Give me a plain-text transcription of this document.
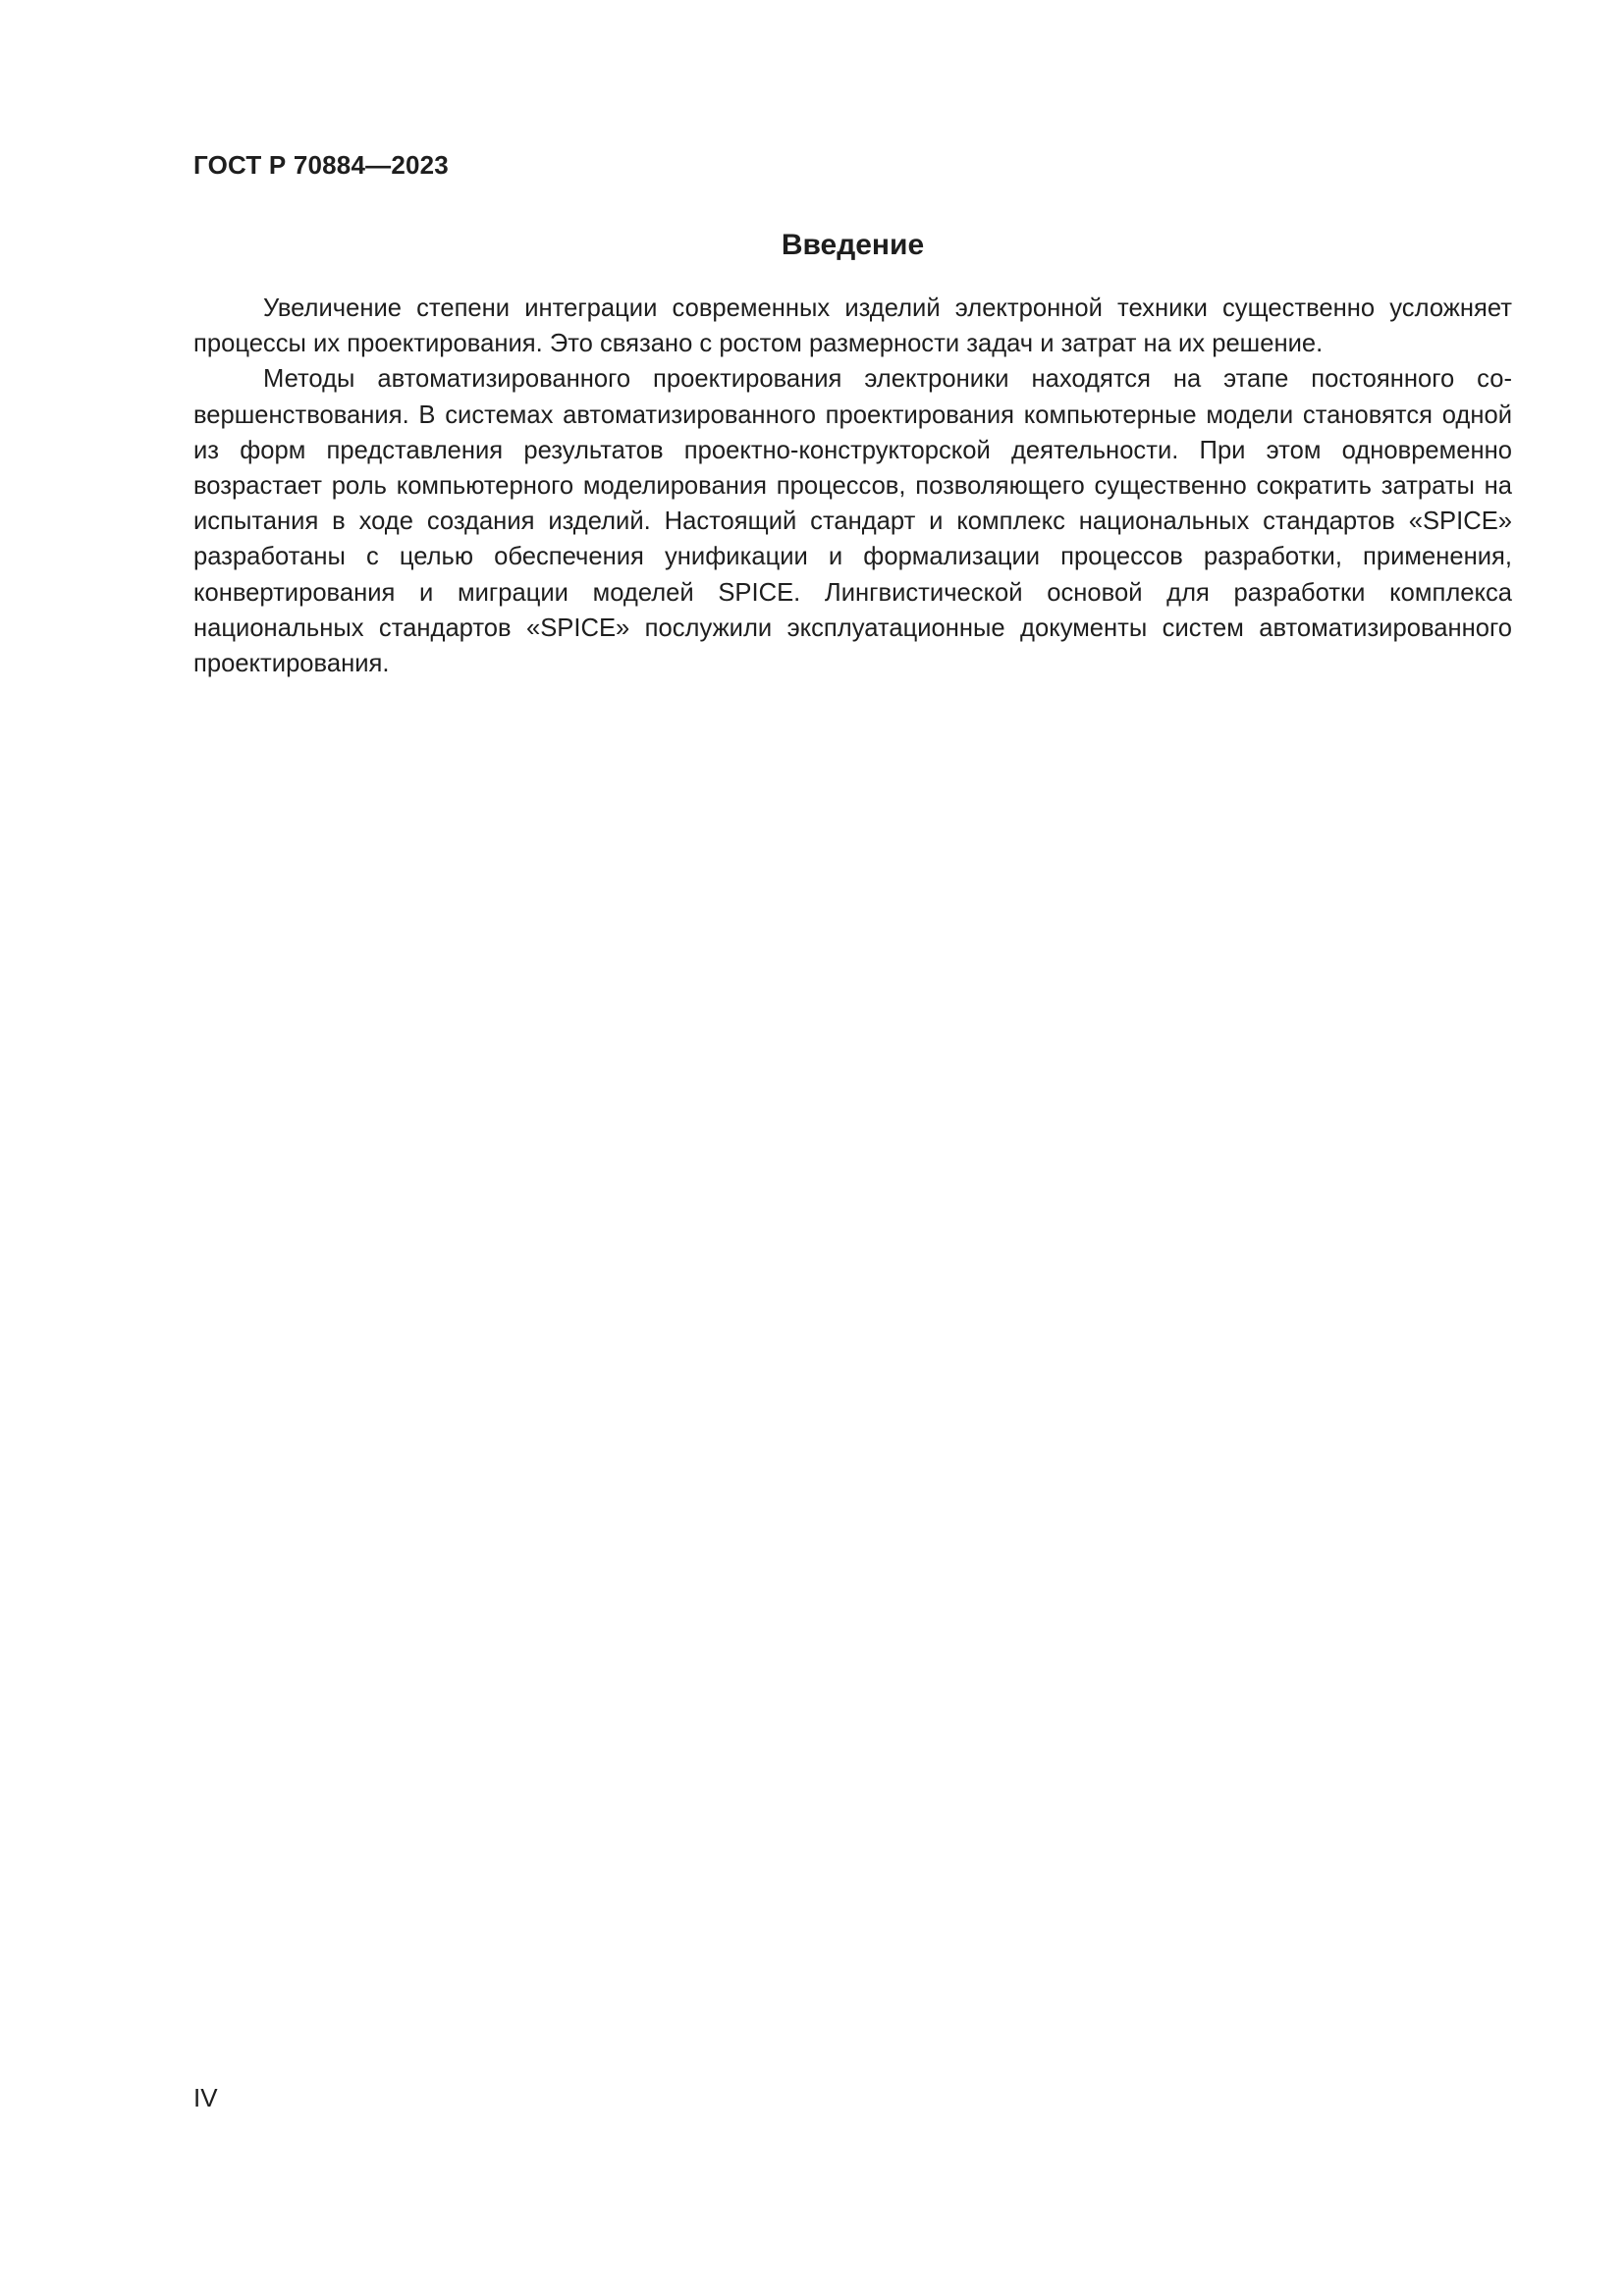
ГОСТ Р 70884—2023
Введение

Увеличение степени интеграции современных изделий электронной техники существенно усложняет процессы их проектирования. Это связано с ростом размерности задач и затрат на их решение.

Методы автоматизированного проектирования электроники находятся на этапе постоянного совершенствования. В системах автоматизированного проектирования компьютерные модели становятся одной из форм представления результатов проектно-конструкторской деятельности. При этом одновременно возрастает роль компьютерного моделирования процессов, позволяющего существенно сократить затраты на испытания в ходе создания изделий. Настоящий стандарт и комплекс национальных стандартов «SPICE» разработаны с целью обеспечения унификации и формализации процессов разработки, применения, конвертирования и миграции моделей SPICE. Лингвистической основой для разработки комплекса национальных стандартов «SPICE» послужили эксплуатационные документы систем автоматизированного проектирования.

IV
